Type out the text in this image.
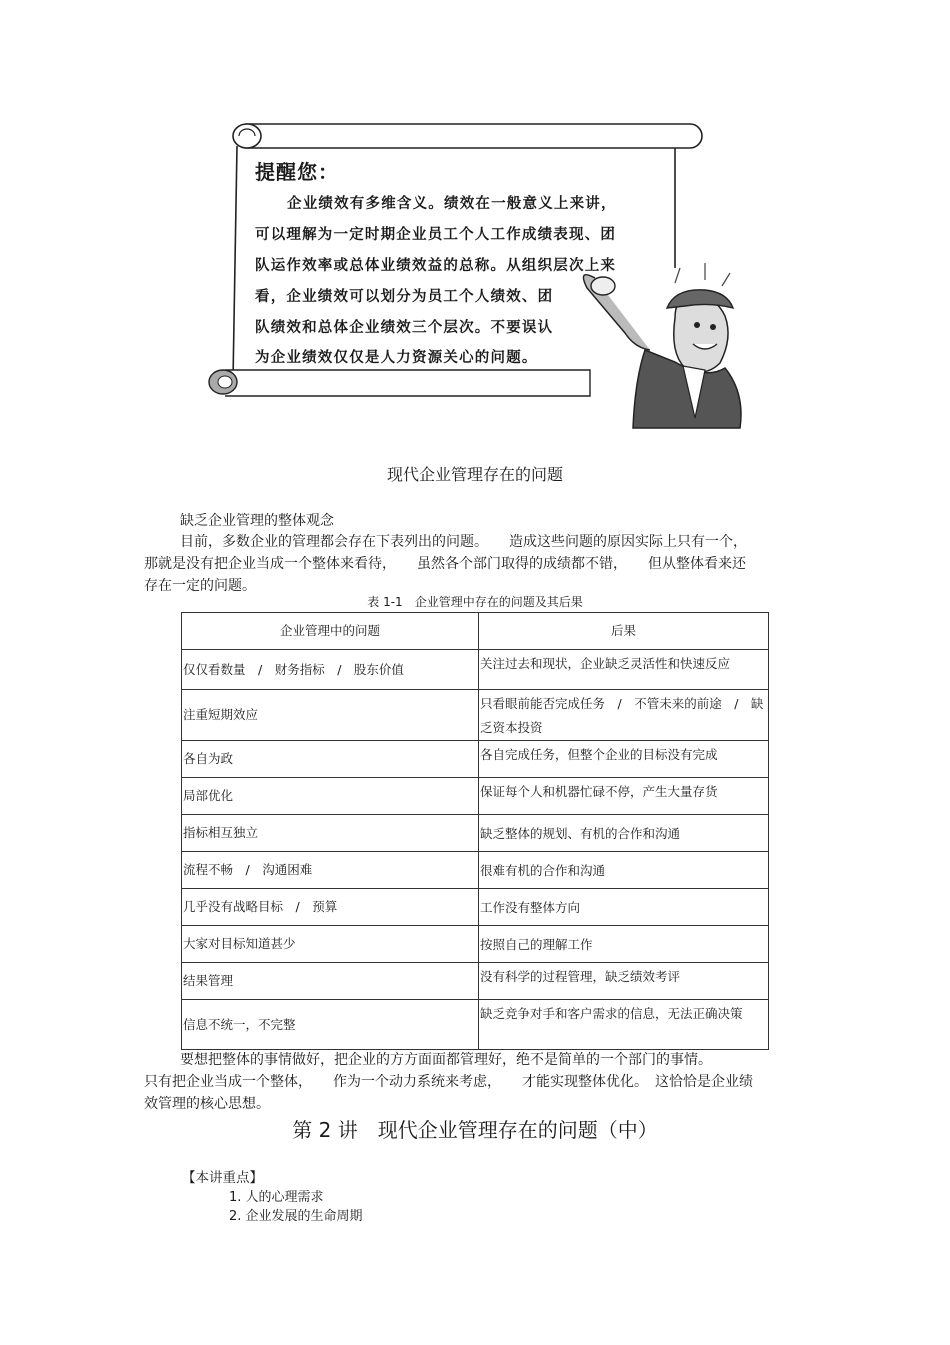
提醒您：
企业绩效有多维含义。绩效在一般意义上来讲，
可以理解为一定时期企业员工个人工作成绩表现、团
队运作效率或总体业绩效益的总称。从组织层次上来
看，企业绩效可以划分为员工个人绩效、团
队绩效和总体企业绩效三个层次。不要误认
为企业绩效仅仅是人力资源关心的问题。
现代企业管理存在的问题
缺乏企业管理的整体观念
目前，多数企业的管理都会存在下表列出的问题。　　造成这些问题的原因实际上只有一个，
那就是没有把企业当成一个整体来看待，　　虽然各个部门取得的成绩都不错，　　但从整体看来还
存在一定的问题。
表 1-1　企业管理中存在的问题及其后果
企业管理中的问题	后果
仅仅看数量　/　财务指标　/　股东价值	关注过去和现状，企业缺乏灵活性和快速反应
注重短期效应	只看眼前能否完成任务　/　不管未来的前途　/　缺乏资本投资
各自为政	各自完成任务，但整个企业的目标没有完成
局部优化	保证每个人和机器忙碌不停，产生大量存货
指标相互独立	缺乏整体的规划、有机的合作和沟通
流程不畅　/　沟通困难	很难有机的合作和沟通
几乎没有战略目标　/　预算	工作没有整体方向
大家对目标知道甚少	按照自己的理解工作
结果管理	没有科学的过程管理，缺乏绩效考评
信息不统一，不完整	缺乏竞争对手和客户需求的信息，无法正确决策
要想把整体的事情做好，把企业的方方面面都管理好，绝不是简单的一个部门的事情。
只有把企业当成一个整体，　　作为一个动力系统来考虑，　　才能实现整体优化。　这恰恰是企业绩
效管理的核心思想。
第 2 讲　现代企业管理存在的问题（中）
【本讲重点】
1. 人的心理需求
2. 企业发展的生命周期
